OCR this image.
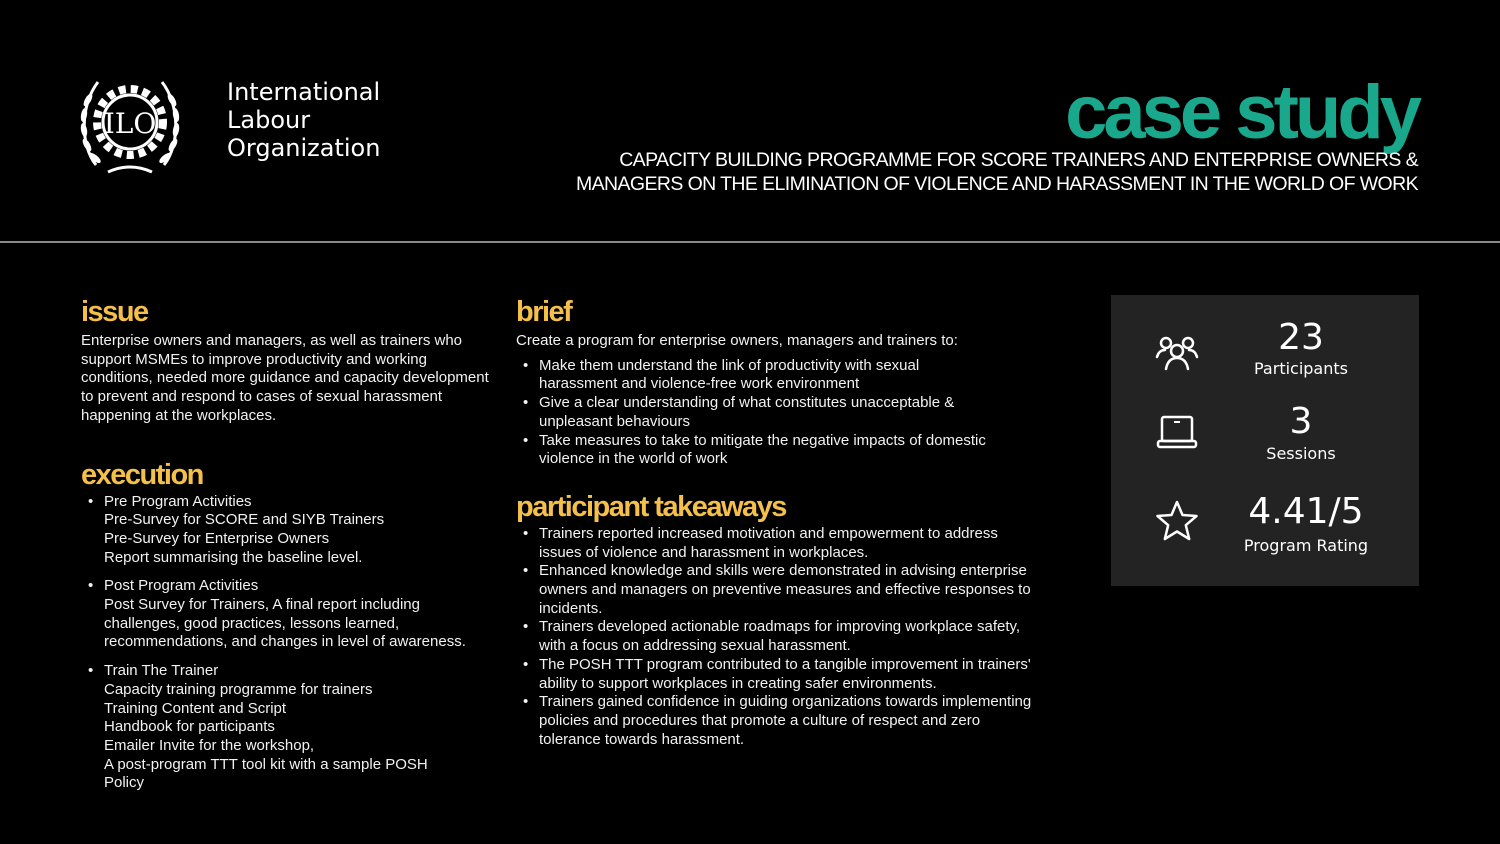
ILO
International
Labour
Organization	case study
CAPACITY BUILDING PROGRAMME FOR SCORE TRAINERS AND ENTERPRISE OWNERS &
MANAGERS ON THE ELIMINATION OF VIOLENCE AND HARASSMENT IN THE WORLD OF WORK
issue
Enterprise owners and managers, as well as trainers who support MSMEs to improve productivity and working conditions, needed more guidance and capacity development to prevent and respond to cases of sexual harassment happening at the workplaces.
execution
• Pre Program Activities
Pre-Survey for SCORE and SIYB Trainers
Pre-Survey for Enterprise Owners
Report summarising the baseline level.
• Post Program Activities
Post Survey for Trainers, A final report including challenges, good practices, lessons learned, recommendations, and changes in level of awareness.
• Train The Trainer
Capacity training programme for trainers
Training Content and Script
Handbook for participants
Emailer Invite for the workshop,
A post-program TTT tool kit with a sample POSH Policy
brief
Create a program for enterprise owners, managers and trainers to:
• Make them understand the link of productivity with sexual harassment and violence-free work environment
• Give a clear understanding of what constitutes unacceptable & unpleasant behaviours
• Take measures to take to mitigate the negative impacts of domestic violence in the world of work
participant takeaways
• Trainers reported increased motivation and empowerment to address issues of violence and harassment in workplaces.
• Enhanced knowledge and skills were demonstrated in advising enterprise owners and managers on preventive measures and effective responses to incidents.
• Trainers developed actionable roadmaps for improving workplace safety, with a focus on addressing sexual harassment.
• The POSH TTT program contributed to a tangible improvement in trainers' ability to support workplaces in creating safer environments.
• Trainers gained confidence in guiding organizations towards implementing policies and procedures that promote a culture of respect and zero tolerance towards harassment.
23
Participants
3
Sessions
4.41/5
Program Rating
